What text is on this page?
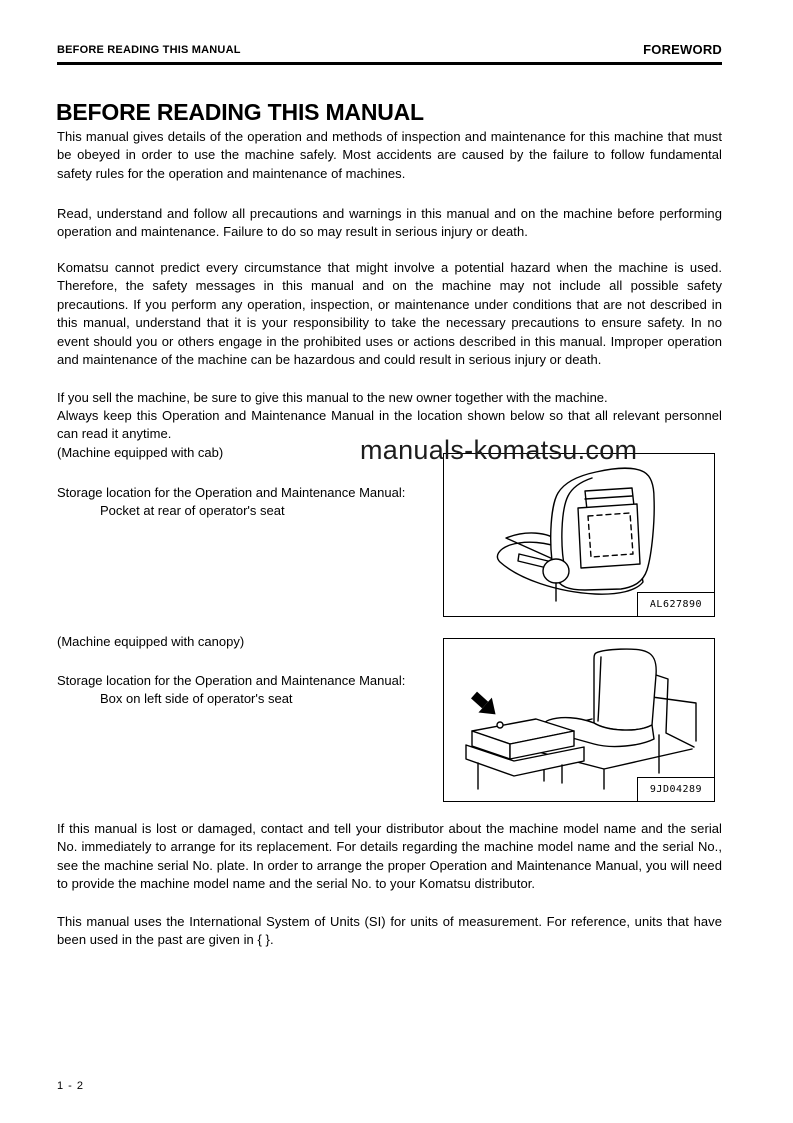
BEFORE READING THIS MANUAL	FOREWORD
BEFORE READING THIS MANUAL
This manual gives details of the operation and methods of inspection and maintenance for this machine that must be obeyed in order to use the machine safely. Most accidents are caused by the failure to follow fundamental safety rules for the operation and maintenance of machines.
Read, understand and follow all precautions and warnings in this manual and on the machine before performing operation and maintenance. Failure to do so may result in serious injury or death.
Komatsu cannot predict every circumstance that might involve a potential hazard when the machine is used. Therefore, the safety messages in this manual and on the machine may not include all possible safety precautions. If you perform any operation, inspection, or maintenance under conditions that are not described in this manual, understand that it is your responsibility to take the necessary precautions to ensure safety. In no event should you or others engage in the prohibited uses or actions described in this manual. Improper operation and maintenance of the machine can be hazardous and could result in serious injury or death.
If you sell the machine, be sure to give this manual to the new owner together with the machine.
Always keep this Operation and Maintenance Manual in the location shown below so that all relevant personnel can read it anytime.
(Machine equipped with cab)
Storage location for the Operation and Maintenance Manual:
Pocket at rear of operator's seat
AL627890
(Machine equipped with canopy)
Storage location for the Operation and Maintenance Manual:
Box on left side of operator's seat
9JD04289
If this manual is lost or damaged, contact and tell your distributor about the machine model name and the serial No. immediately to arrange for its replacement. For details regarding the machine model name and the serial No., see the machine serial No. plate. In order to arrange the proper Operation and Maintenance Manual, you will need to provide the machine model name and the serial No. to your Komatsu distributor.
This manual uses the International System of Units (SI) for units of measurement. For reference, units that have been used in the past are given in { }.
manuals-komatsu.com
1 - 2
